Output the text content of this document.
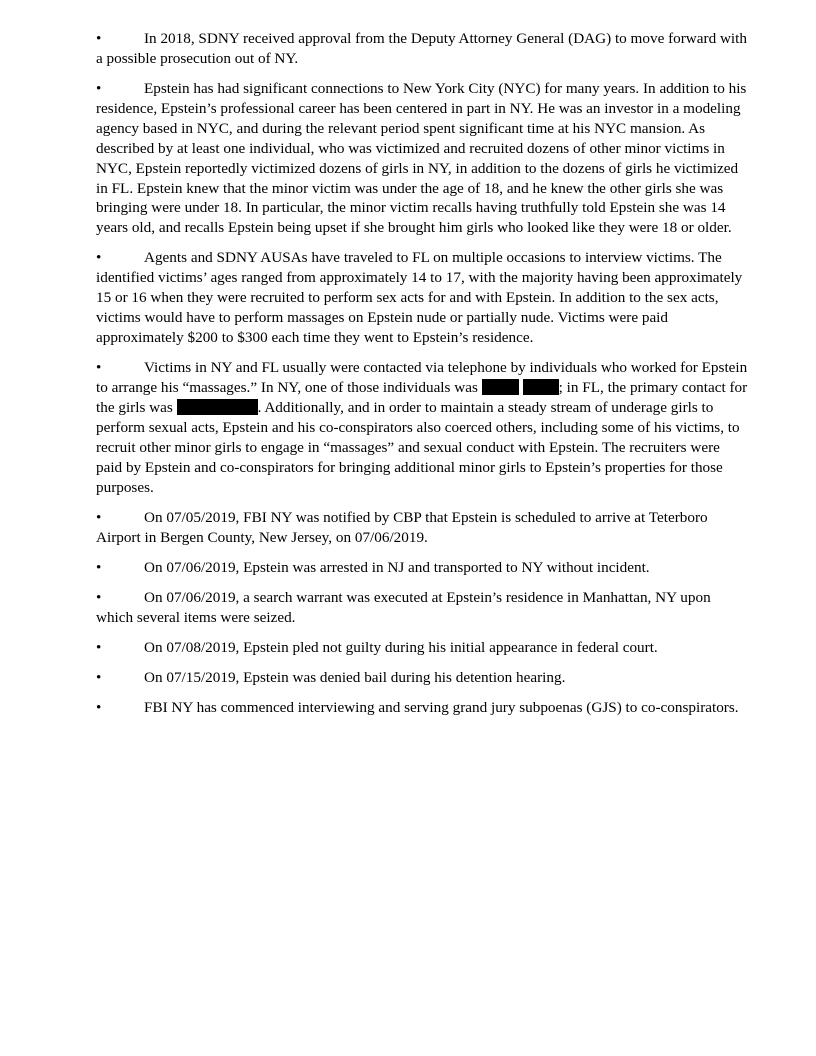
•	In 2018, SDNY received approval from the Deputy Attorney General (DAG) to move forward with a possible prosecution out of NY.

•	Epstein has had significant connections to New York City (NYC) for many years. In addition to his residence, Epstein’s professional career has been centered in part in NY. He was an investor in a modeling agency based in NYC, and during the relevant period spent significant time at his NYC mansion. As described by at least one individual, who was victimized and recruited dozens of other minor victims in NYC, Epstein reportedly victimized dozens of girls in NY, in addition to the dozens of girls he victimized in FL. Epstein knew that the minor victim was under the age of 18, and he knew the other girls she was bringing were under 18. In particular, the minor victim recalls having truthfully told Epstein she was 14 years old, and recalls Epstein being upset if she brought him girls who looked like they were 18 or older.

•	Agents and SDNY AUSAs have traveled to FL on multiple occasions to interview victims. The identified victims’ ages ranged from approximately 14 to 17, with the majority having been approximately 15 or 16 when they were recruited to perform sex acts for and with Epstein. In addition to the sex acts, victims would have to perform massages on Epstein nude or partially nude. Victims were paid approximately $200 to $300 each time they went to Epstein’s residence.

•	Victims in NY and FL usually were contacted via telephone by individuals who worked for Epstein to arrange his “massages.” In NY, one of those individuals was	; in FL, the primary contact for the girls was	. Additionally, and in order to maintain a steady stream of underage girls to perform sexual acts, Epstein and his co-conspirators also coerced others, including some of his victims, to recruit other minor girls to engage in “massages” and sexual conduct with Epstein. The recruiters were paid by Epstein and co-conspirators for bringing additional minor girls to Epstein’s properties for those purposes.

•	On 07/05/2019, FBI NY was notified by CBP that Epstein is scheduled to arrive at Teterboro Airport in Bergen County, New Jersey, on 07/06/2019.

•	On 07/06/2019, Epstein was arrested in NJ and transported to NY without incident.

•	On 07/06/2019, a search warrant was executed at Epstein’s residence in Manhattan, NY upon which several items were seized.

•	On 07/08/2019, Epstein pled not guilty during his initial appearance in federal court.

•	On 07/15/2019, Epstein was denied bail during his detention hearing.

•	FBI NY has commenced interviewing and serving grand jury subpoenas (GJS) to co-conspirators.
